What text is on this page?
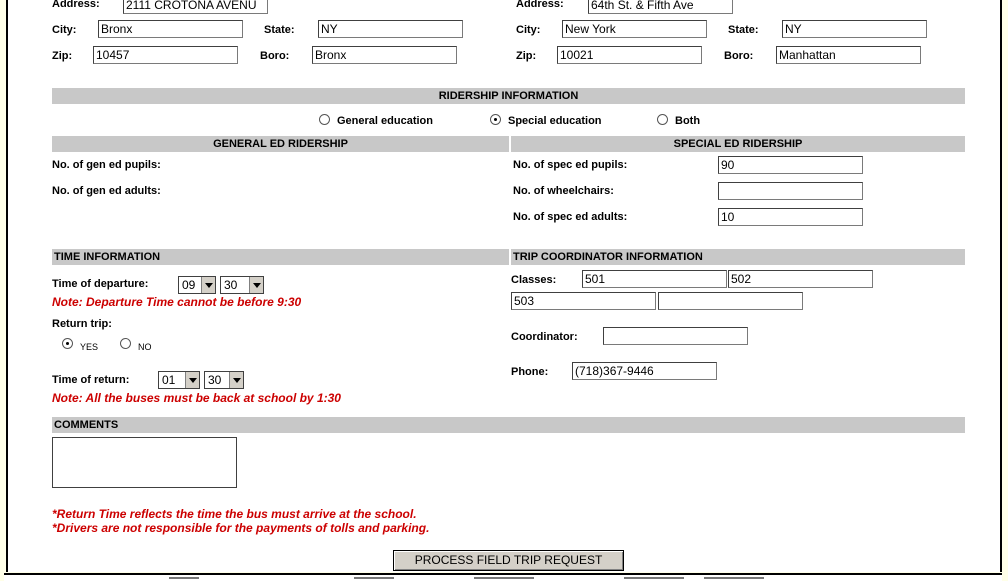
Address: 2111 CROTONA AVENU
City: Bronx	State: NY
Zip: 10457	Boro: Bronx
Address: 64th St. & Fifth Ave
City: New York	State: NY
Zip: 10021	Boro: Manhattan
RIDERSHIP INFORMATION
General education	Special education	Both
GENERAL ED RIDERSHIP	SPECIAL ED RIDERSHIP
No. of gen ed pupils:
No. of gen ed adults:
No. of spec ed pupils:	90
No. of wheelchairs:
No. of spec ed adults:	10
TIME INFORMATION
Time of departure:	09 30
Note: Departure Time cannot be before 9:30
Return trip:
YES	NO
Time of return:	01	30
Note: All the buses must be back at school by 1:30
TRIP COORDINATOR INFORMATION
Classes: 501	502
503
Coordinator:
Phone: (718)367-9446
COMMENTS
*Return Time reflects the time the bus must arrive at the school.
*Drivers are not responsible for the payments of tolls and parking.
PROCESS FIELD TRIP REQUEST
